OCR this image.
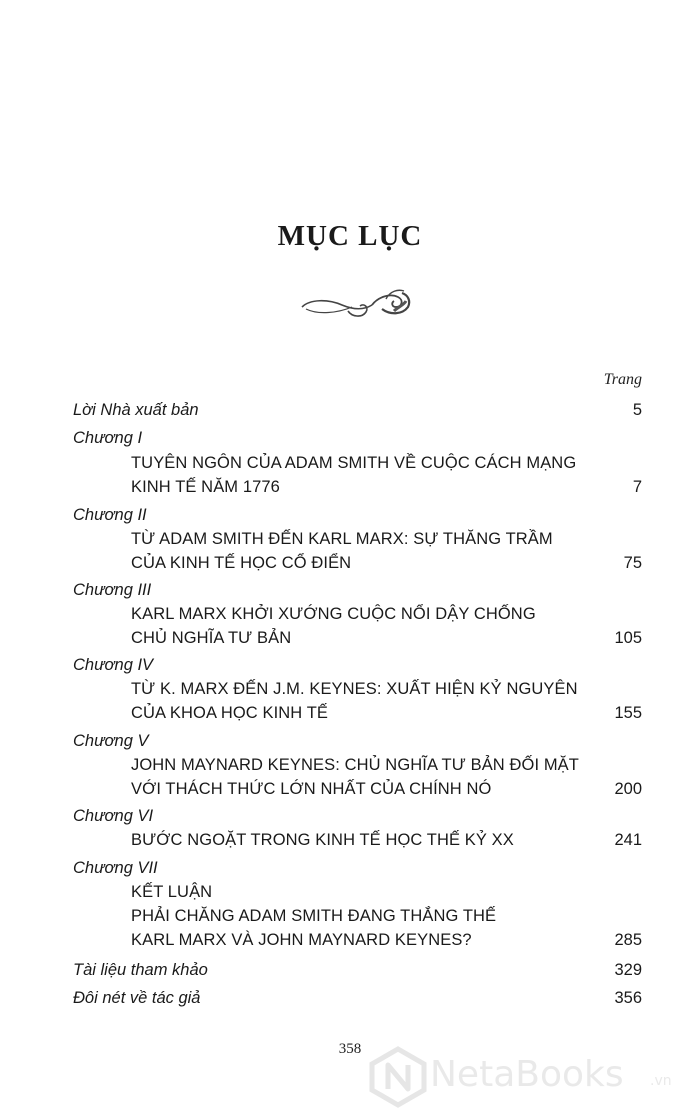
MỤC LỤC
Trang
Lời Nhà xuất bản	5
Chương I
TUYÊN NGÔN CỦA ADAM SMITH VỀ CUỘC CÁCH MẠNG
KINH TẾ NĂM 1776	7
Chương II
TỪ ADAM SMITH ĐẾN KARL MARX: SỰ THĂNG TRẦM
CỦA KINH TẾ HỌC CỔ ĐIỂN	75
Chương III
KARL MARX KHỞI XƯỚNG CUỘC NỔI DẬY CHỐNG
CHỦ NGHĨA TƯ BẢN	105
Chương IV
TỪ K. MARX ĐẾN J.M. KEYNES: XUẤT HIỆN KỶ NGUYÊN
CỦA KHOA HỌC KINH TẾ	155
Chương V
JOHN MAYNARD KEYNES: CHỦ NGHĨA TƯ BẢN ĐỐI MẶT
VỚI THÁCH THỨC LỚN NHẤT CỦA CHÍNH NÓ	200
Chương VI
BƯỚC NGOẶT TRONG KINH TẾ HỌC THẾ KỶ XX	241
Chương VII
KẾT LUẬN
PHẢI CHĂNG ADAM SMITH ĐANG THẮNG THẾ
KARL MARX VÀ JOHN MAYNARD KEYNES?	285
Tài liệu tham khảo	329
Đôi nét về tác giả	356
358
NetaBooks .vn
